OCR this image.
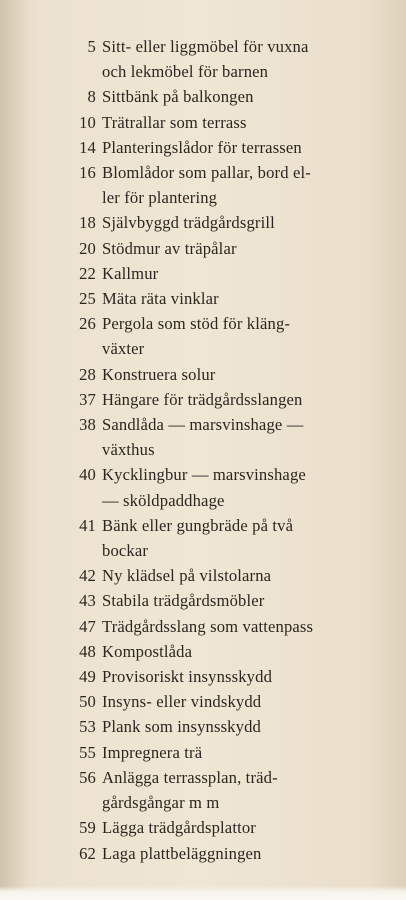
5 Sitt- eller liggmöbel för vuxna
och lekmöbel för barnen
8 Sittbänk på balkongen
10 Trätrallar som terrass
14 Planteringslådor för terrassen
16 Blomlådor som pallar, bord el-
ler för plantering
18 Självbyggd trädgårdsgrill
20 Stödmur av träpålar
22 Kallmur
25 Mäta räta vinklar
26 Pergola som stöd för kläng-
växter
28 Konstruera solur
37 Hängare för trädgårdsslangen
38 Sandlåda — marsvinshage —
växthus
40 Kycklingbur — marsvinshage
— sköldpaddhage
41 Bänk eller gungbräde på två
bockar
42 Ny klädsel på vilstolarna
43 Stabila trädgårdsmöbler
47 Trädgårdsslang som vattenpass
48 Kompostlåda
49 Provisoriskt insynsskydd
50 Insyns- eller vindskydd
53 Plank som insynsskydd
55 Impregnera trä
56 Anlägga terrassplan, träd-
gårdsgångar m m
59 Lägga trädgårdsplattor
62 Laga plattbeläggningen
